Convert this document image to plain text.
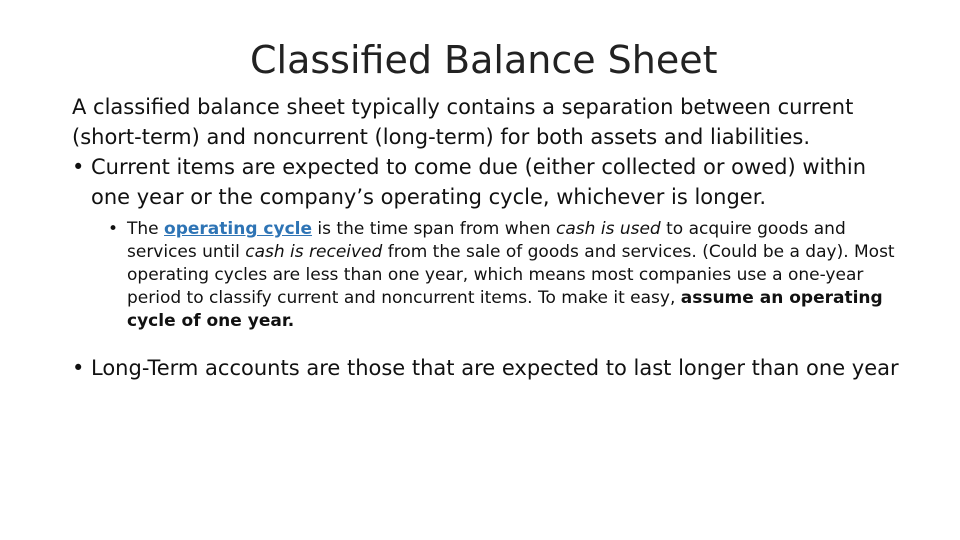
Classified Balance Sheet

A classified balance sheet typically contains a separation between current (short-term) and noncurrent (long-term) for both assets and liabilities.

• Current items are expected to come due (either collected or owed) within one year or the company’s operating cycle, whichever is longer.
• The operating cycle is the time span from when cash is used to acquire goods and services until cash is received from the sale of goods and services. (Could be a day). Most operating cycles are less than one year, which means most companies use a one-year period to classify current and noncurrent items. To make it easy, assume an operating cycle of one year.
• Long-Term accounts are those that are expected to last longer than one year
